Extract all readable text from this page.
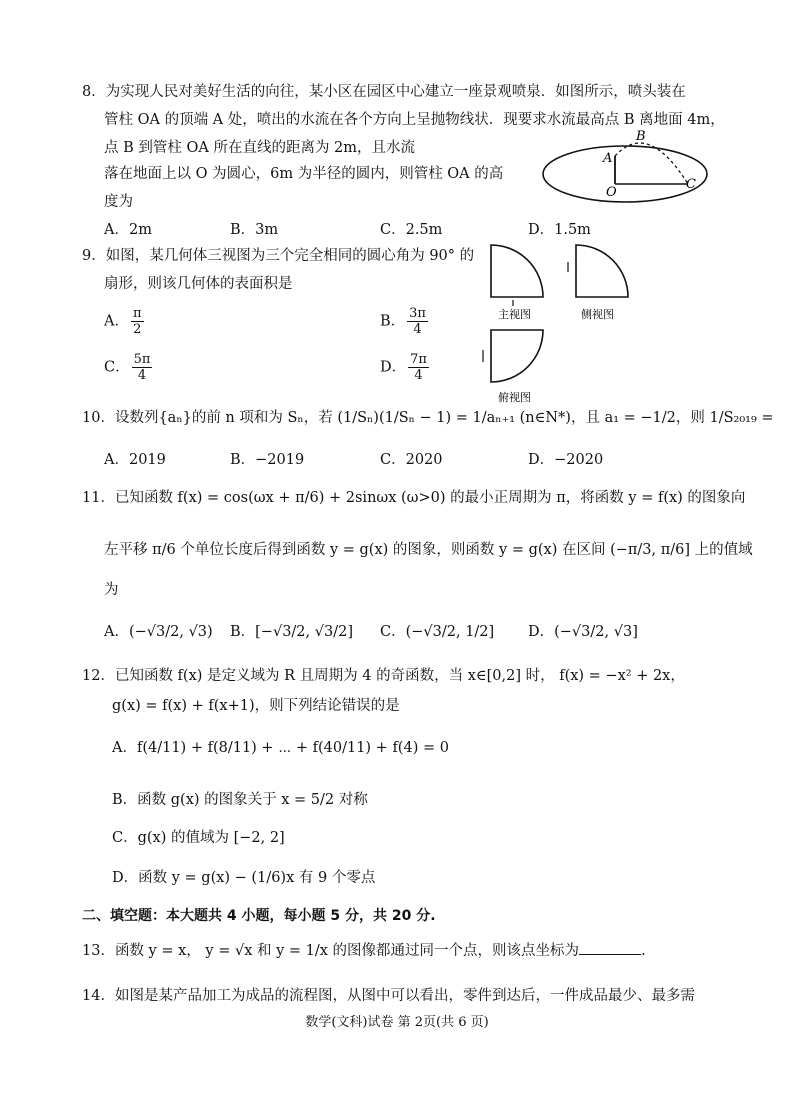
8．为实现人民对美好生活的向往，某小区在园区中心建立一座景观喷泉．如图所示，喷头装在
管柱 OA 的顶端 A 处，喷出的水流在各个方向上呈抛物线状．现要求水流最高点 B 离地面 4m，
点 B 到管柱 OA 所在直线的距离为 2m，且水流
落在地面上以 O 为圆心，6m 为半径的圆内，则管柱 OA 的高
度为
A
B
C
O
A．2m	B．3m	C．2.5m	D．1.5m
9．如图，某几何体三视图为三个完全相同的圆心角为 90° 的
扇形，则该几何体的表面积是
A． $\frac{\pi}{2}$	B． $\frac{3\pi}{4}$
C． $\frac{5\pi}{4}$	D． $\frac{7\pi}{4}$
主视图	侧视图
俯视图
10．设数列{aₙ}的前 n 项和为 Sₙ，若 (1/Sₙ)(1/Sₙ − 1) = 1/aₙ₊₁ (n∈N*)，且 a₁ = −1/2，则 1/S₂₀₁₉ =
A．2019	B．−2019	C．2020	D．−2020
11．已知函数 f(x) = cos(ωx + π/6) + 2sinωx (ω>0) 的最小正周期为 π，将函数 y = f(x) 的图象向
左平移 π/6 个单位长度后得到函数 y = g(x) 的图象，则函数 y = g(x) 在区间 (−π/3, π/6] 上的值域
为
A．(−√3/2, √3) B．[−√3/2, √3/2] C．(−√3/2, 1/2] D．(−√3/2, √3]
12．已知函数 f(x) 是定义域为 R 且周期为 4 的奇函数，当 x∈[0,2] 时， f(x) = −x² + 2x，
g(x) = f(x) + f(x+1)，则下列结论错误的是
A．f(4/11) + f(8/11) + ⋯ + f(40/11) + f(4) = 0
B．函数 g(x) 的图象关于 x = 5/2 对称
C．g(x) 的值域为 [−2, 2]
D．函数 y = g(x) − (1/6)x 有 9 个零点
二、填空题：本大题共 4 小题，每小题 5 分，共 20 分.
13．函数 y = x， y = √x 和 y = 1/x 的图像都通过同一个点，则该点坐标为	.
14．如图是某产品加工为成品的流程图，从图中可以看出，零件到达后，一件成品最少、最多需
数学(文科)试卷 第 2页(共 6 页)
